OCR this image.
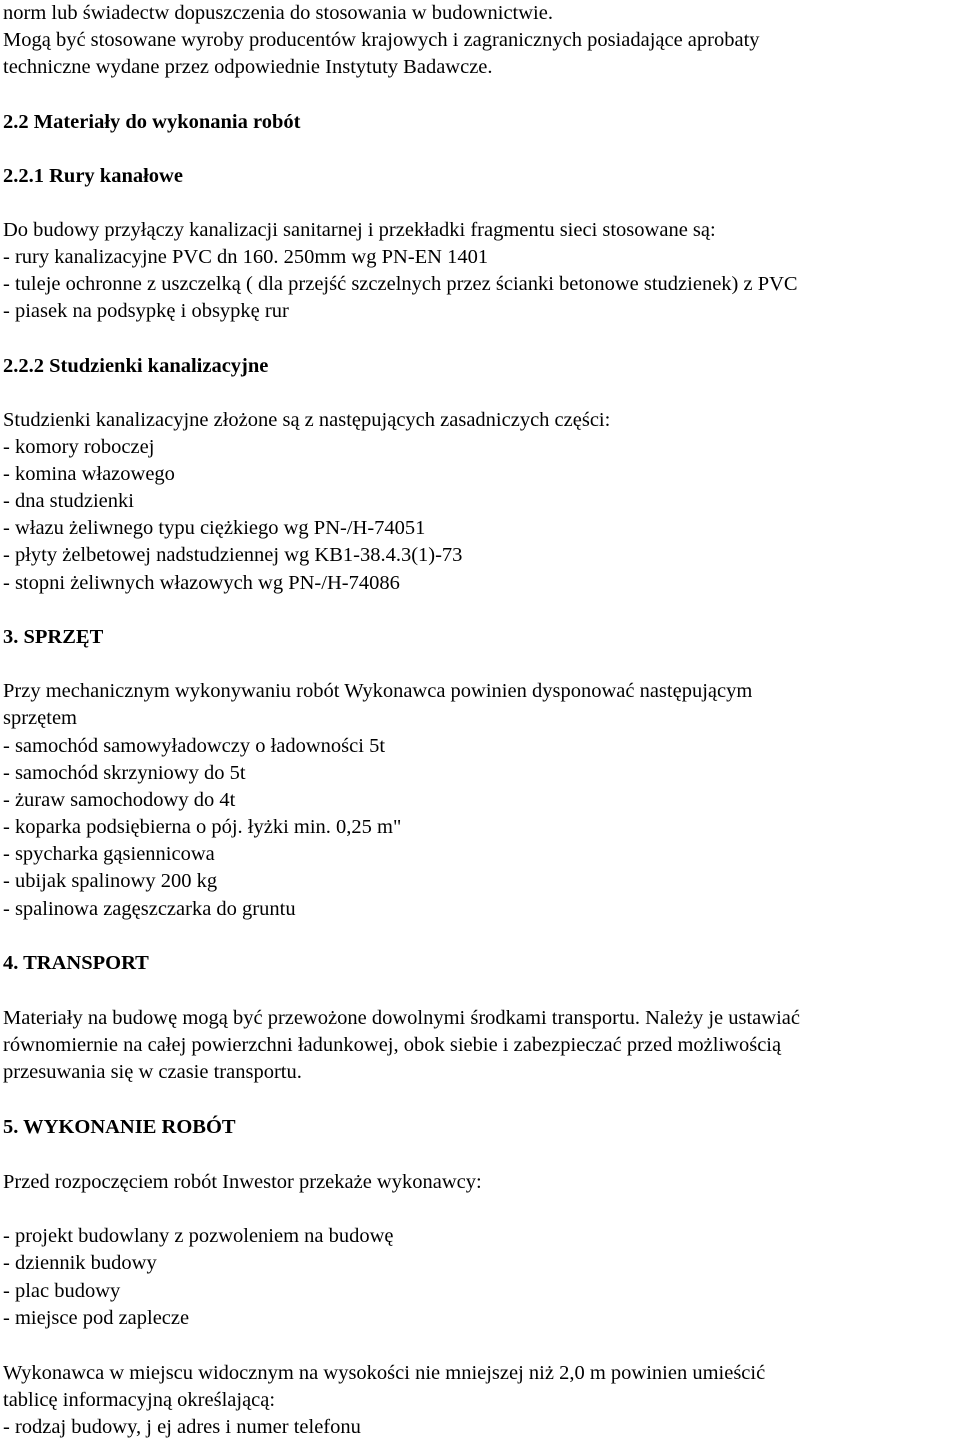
norm lub świadectw dopuszczenia do stosowania w budownictwie.
Mogą być stosowane wyroby producentów krajowych i zagranicznych posiadające aprobaty
techniczne wydane przez odpowiednie Instytuty Badawcze.
2.2 Materiały do wykonania robót
2.2.1 Rury kanałowe
Do budowy przyłączy kanalizacji sanitarnej i przekładki fragmentu sieci stosowane są:
- rury kanalizacyjne PVC dn 160. 250mm wg PN-EN 1401
- tuleje ochronne z uszczelką ( dla przejść szczelnych przez ścianki betonowe studzienek) z PVC
- piasek na podsypkę i obsypkę rur
2.2.2 Studzienki kanalizacyjne
Studzienki kanalizacyjne złożone są z następujących zasadniczych części:
- komory roboczej
- komina włazowego
- dna studzienki
- włazu żeliwnego typu ciężkiego wg PN-/H-74051
- płyty żelbetowej nadstudziennej wg KB1-38.4.3(1)-73
- stopni żeliwnych włazowych wg PN-/H-74086
3. SPRZĘT
Przy mechanicznym wykonywaniu robót Wykonawca powinien dysponować następującym
sprzętem
- samochód samowyładowczy o ładowności 5t
- samochód skrzyniowy do 5t
- żuraw samochodowy do 4t
- koparka podsiębierna o pój. łyżki min. 0,25 m"
- spycharka gąsiennicowa
- ubijak spalinowy 200 kg
- spalinowa zagęszczarka do gruntu
4. TRANSPORT
Materiały na budowę mogą być przewożone dowolnymi środkami transportu. Należy je ustawiać
równomiernie na całej powierzchni ładunkowej, obok siebie i zabezpieczać przed możliwością
przesuwania się w czasie transportu.
5. WYKONANIE ROBÓT
Przed rozpoczęciem robót Inwestor przekaże wykonawcy:
- projekt budowlany z pozwoleniem na budowę
- dziennik budowy
- plac budowy
- miejsce pod zaplecze
Wykonawca w miejscu widocznym na wysokości nie mniejszej niż 2,0 m powinien umieścić
tablicę informacyjną określającą:
- rodzaj budowy, j ej adres i numer telefonu
